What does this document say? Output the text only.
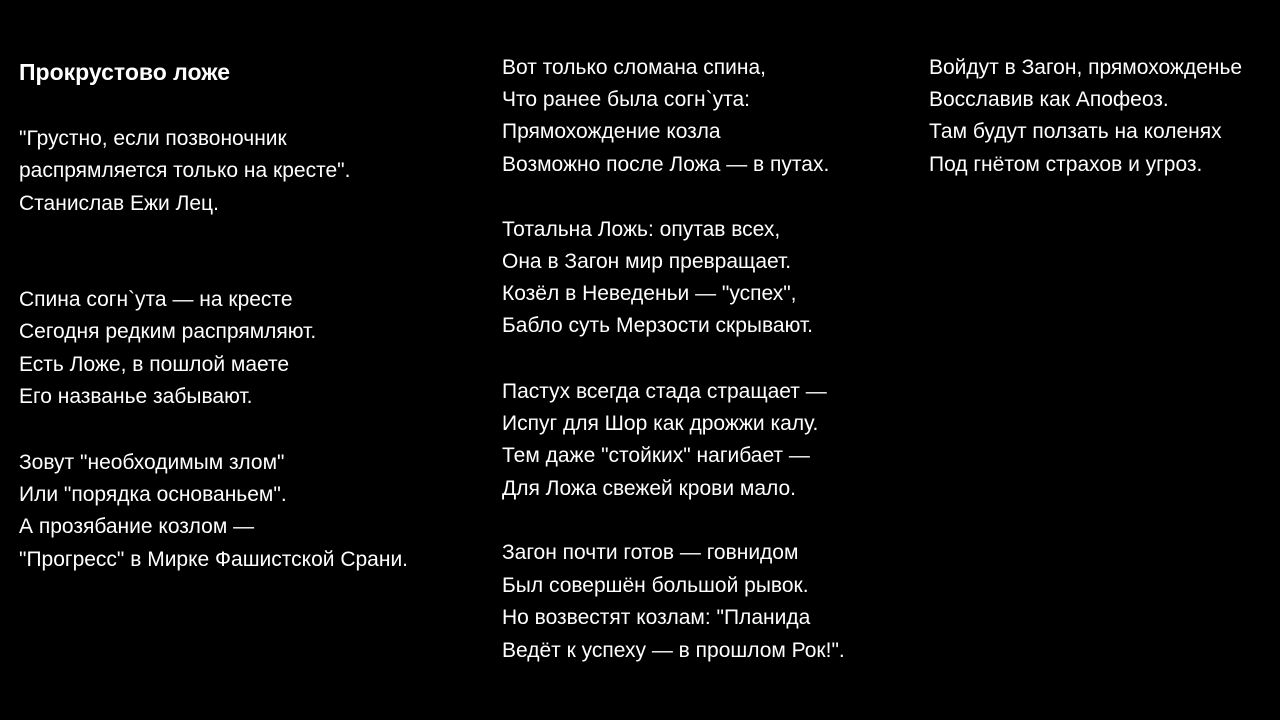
Прокрустово ложе
"Грустно, если позвоночник
распрямляется только на кресте".
Станислав Ежи Лец.
Спина согн`ута — на кресте
Сегодня редким распрямляют.
Есть Ложе, в пошлой маете
Его названье забывают.
Зовут "необходимым злом"
Или "порядка основаньем".
А прозябание козлом —
"Прогресс" в Мирке Фашистской Срани.
Вот только сломана спина,
Что ранее была согн`ута:
Прямохождение козла
Возможно после Ложа — в путах.
Тотальна Ложь: опутав всех,
Она в Загон мир превращает.
Козёл в Неведеньи — "успех",
Бабло суть Мерзости скрывают.
Пастух всегда стада стращает —
Испуг для Шор как дрожжи калу.
Тем даже "стойких" нагибает —
Для Ложа свежей крови мало.
Загон почти готов — говнидом
Был совершён большой рывок.
Но возвестят козлам: "Планида
Ведёт к успеху — в прошлом Рок!".
Войдут в Загон, прямохожденье
Восславив как Апофеоз.
Там будут ползать на коленях
Под гнётом страхов и угроз.
